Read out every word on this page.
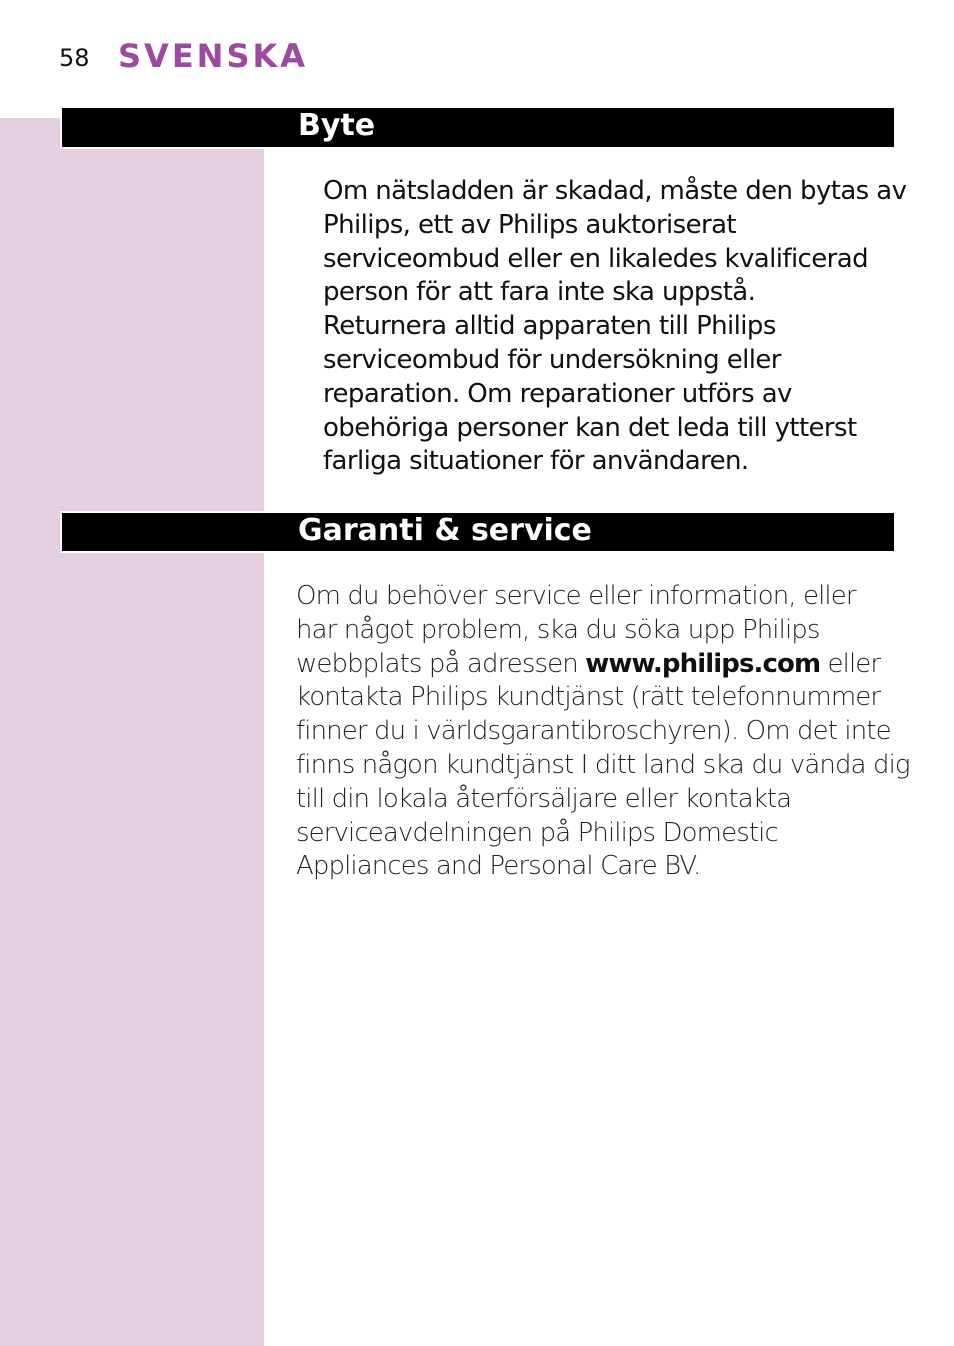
58 SVENSKA
Byte
Om nätsladden är skadad, måste den bytas av
Philips, ett av Philips auktoriserat
serviceombud eller en likaledes kvalificerad
person för att fara inte ska uppstå.
Returnera alltid apparaten till Philips
serviceombud för undersökning eller
reparation. Om reparationer utförs av
obehöriga personer kan det leda till ytterst
farliga situationer för användaren.
Garanti & service
Om du behöver service eller information, eller
har något problem, ska du söka upp Philips
webbplats på adressen www.philips.com eller
kontakta Philips kundtjänst (rätt telefonnummer
finner du i världsgarantibroschyren). Om det inte
finns någon kundtjänst I ditt land ska du vända dig
till din lokala återförsäljare eller kontakta
serviceavdelningen på Philips Domestic
Appliances and Personal Care BV.
